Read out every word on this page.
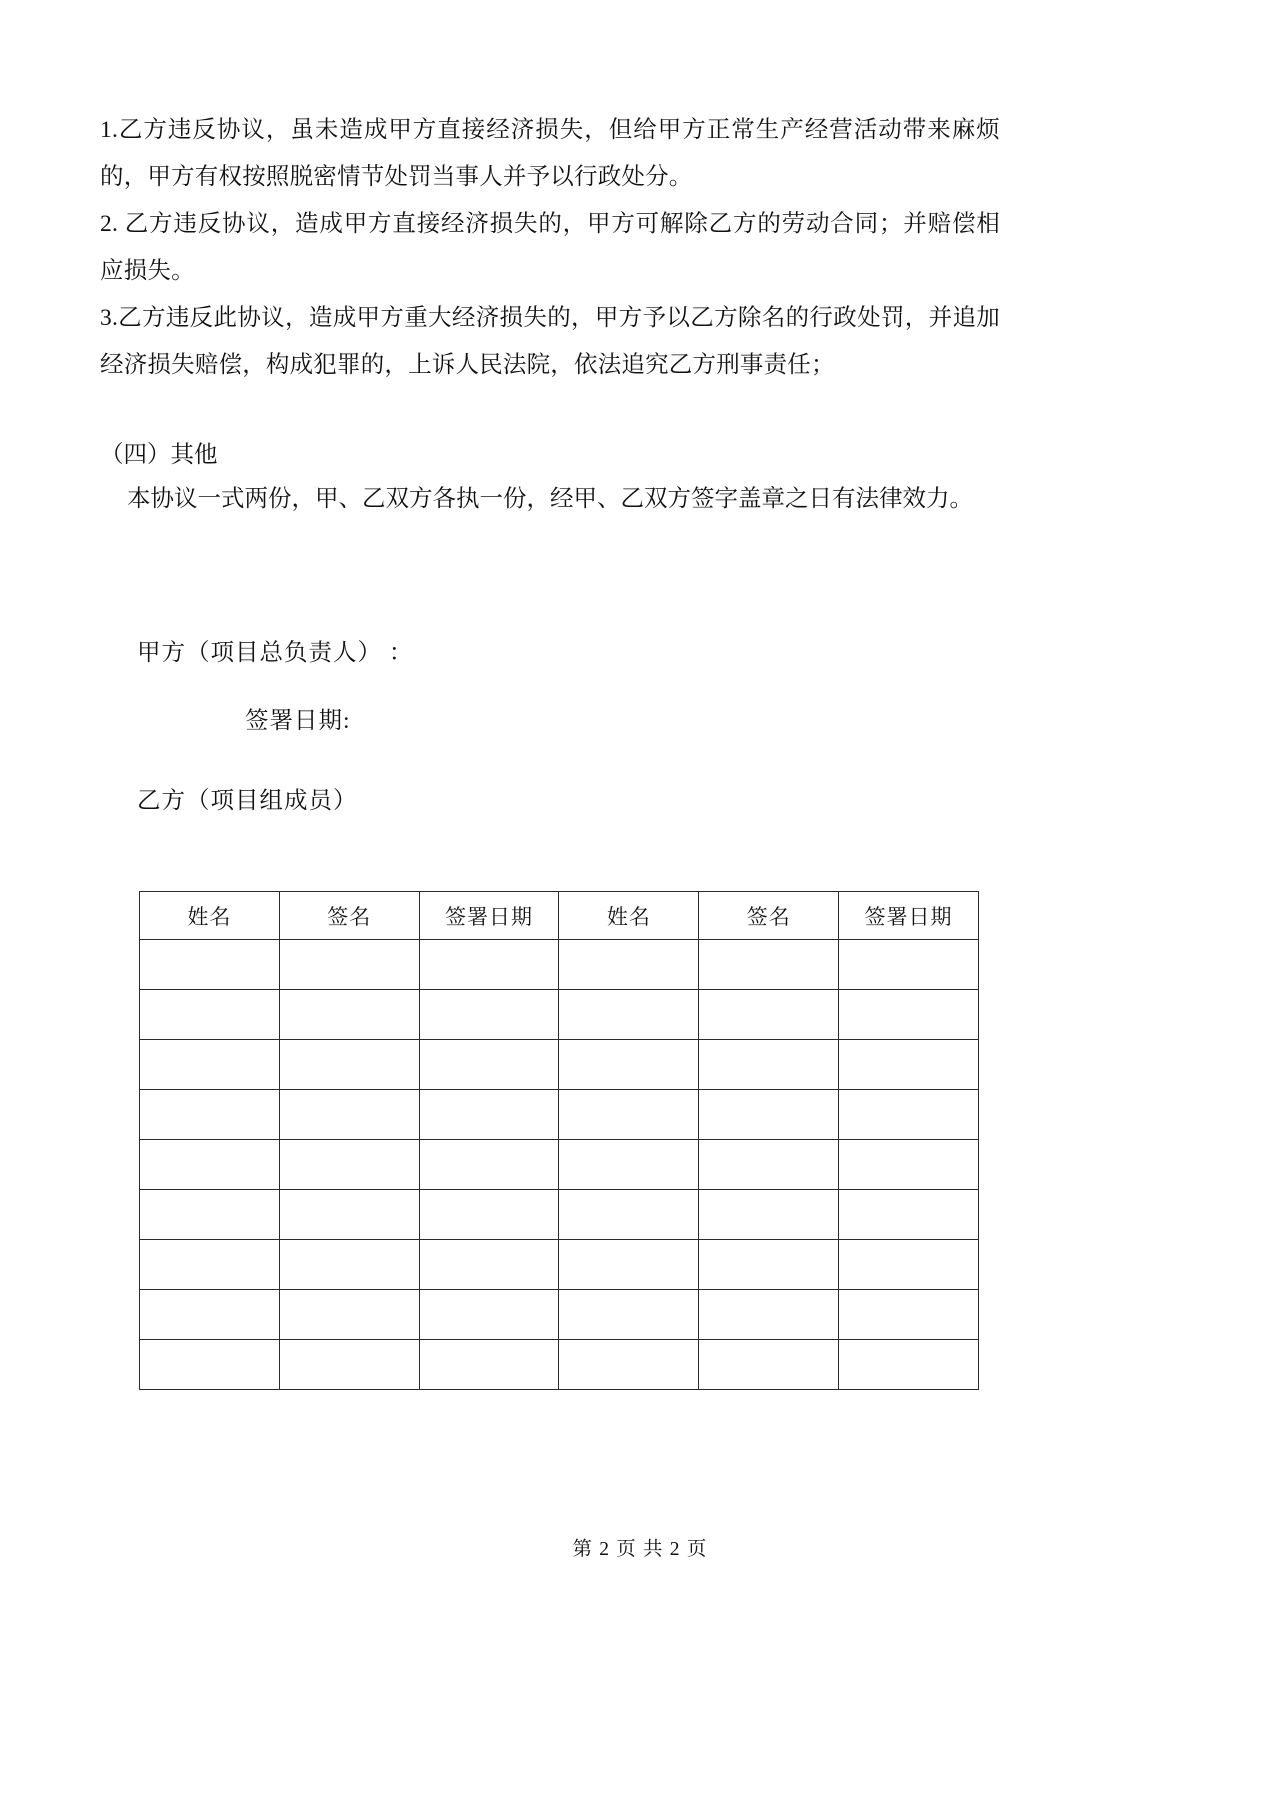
1.乙方违反协议，虽未造成甲方直接经济损失，但给甲方正常生产经营活动带来麻烦的，甲方有权按照脱密情节处罚当事人并予以行政处分。

2. 乙方违反协议，造成甲方直接经济损失的，甲方可解除乙方的劳动合同；并赔偿相应损失。

3.乙方违反此协议，造成甲方重大经济损失的，甲方予以乙方除名的行政处罚，并追加经济损失赔偿，构成犯罪的，上诉人民法院，依法追究乙方刑事责任；

（四）其他

本协议一式两份，甲、乙双方各执一份，经甲、乙双方签字盖章之日有法律效力。

甲方（项目总负责人） ：

签署日期:

乙方（项目组成员）

姓名	签名	签署日期	姓名	签名	签署日期

第 2 页 共 2 页
